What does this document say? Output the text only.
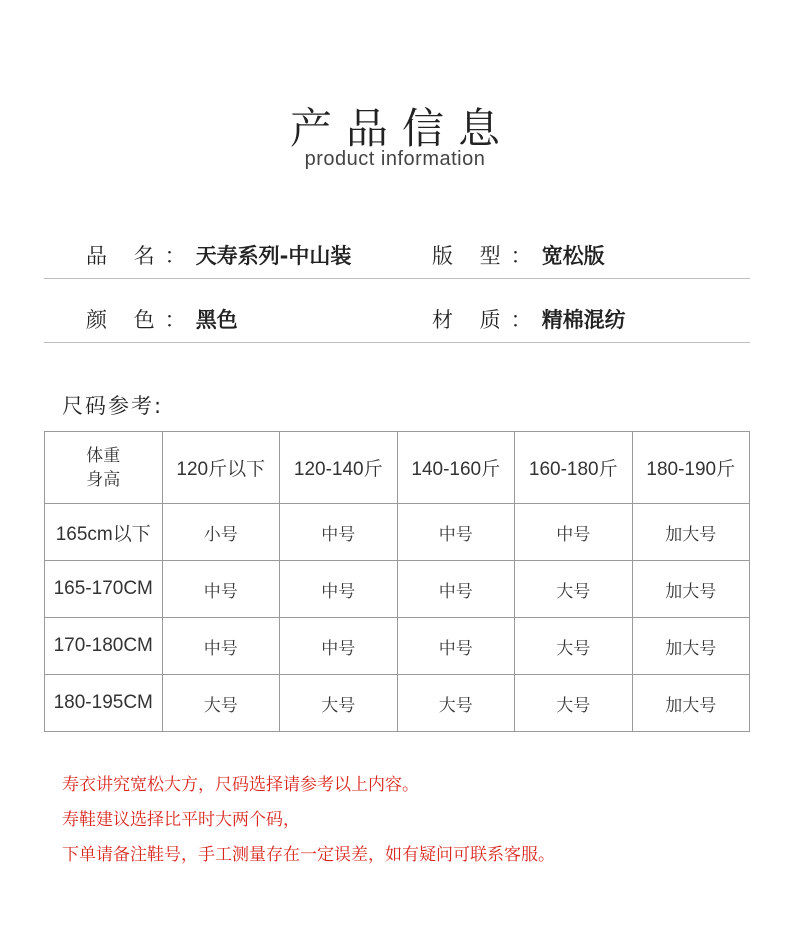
产品信息
product information
品 名：天寿系列-中山装	版 型：宽松版
颜 色：黑色	材 质：精棉混纺
尺码参考:
体重
身高	120斤以下	120-140斤	140-160斤	160-180斤	180-190斤
165cm以下	小号	中号	中号	中号	加大号
165-170CM	中号	中号	中号	大号	加大号
170-180CM	中号	中号	中号	大号	加大号
180-195CM	大号	大号	大号	大号	加大号
寿衣讲究宽松大方，尺码选择请参考以上内容。
寿鞋建议选择比平时大两个码，
下单请备注鞋号，手工测量存在一定误差，如有疑问可联系客服。
